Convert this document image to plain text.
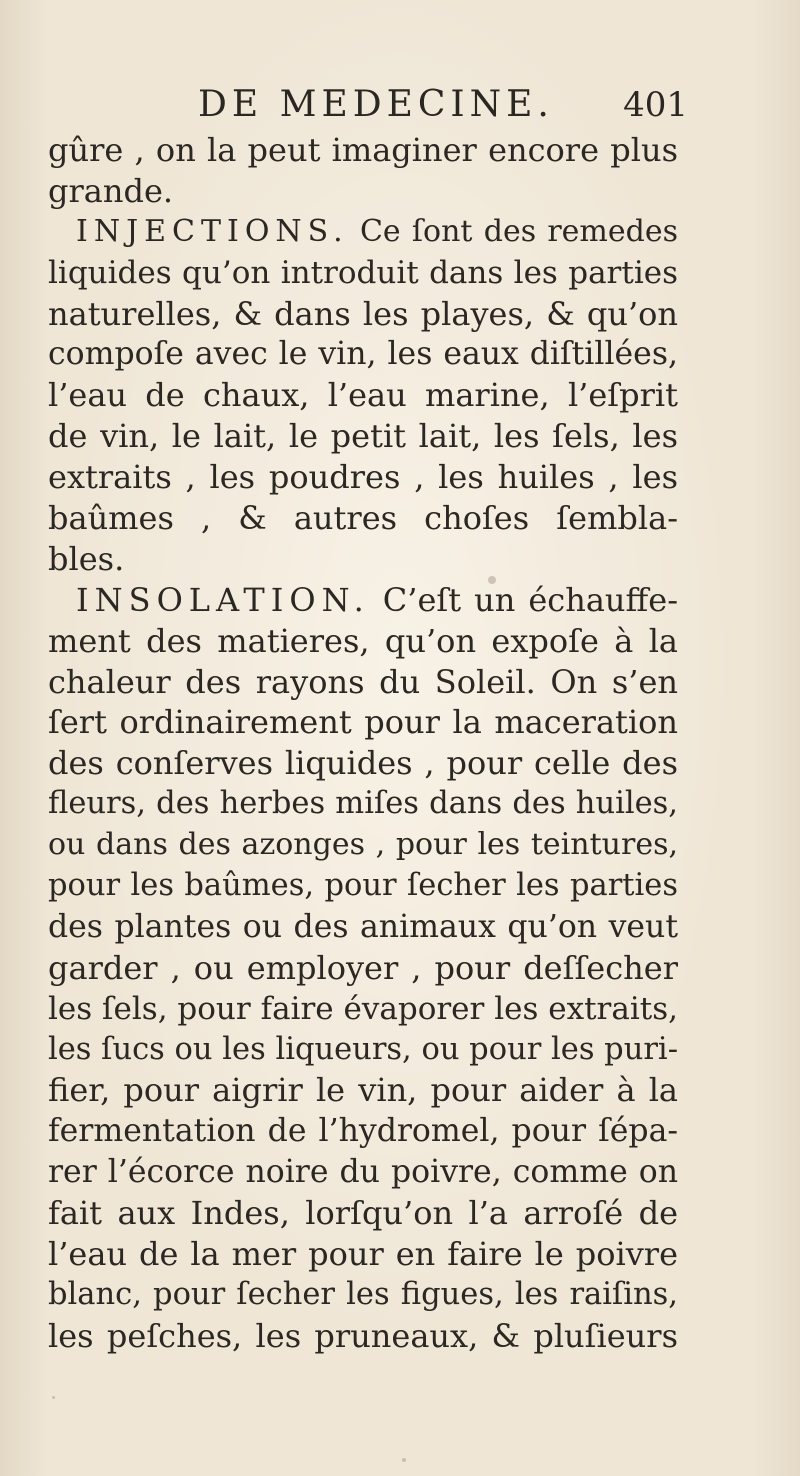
DE MEDECINE. 401
gûre , on la peut imaginer encore plus
grande.
INJECTIONS. Ce ſont des remedes
liquides qu’on introduit dans les parties
naturelles, & dans les playes, & qu’on
compoſe avec le vin, les eaux diſtillées,
l’eau de chaux, l’eau marine, l’eſprit
de vin, le lait, le petit lait, les ſels, les
extraits , les poudres , les huiles , les
baûmes , & autres choſes ſembla-
bles.
INSOLATION. C’eſt un échauffe-
ment des matieres, qu’on expoſe à la
chaleur des rayons du Soleil. On s’en
ſert ordinairement pour la maceration
des conſerves liquides , pour celle des
fleurs, des herbes miſes dans des huiles,
ou dans des azonges , pour les teintures,
pour les baûmes, pour ſecher les parties
des plantes ou des animaux qu’on veut
garder , ou employer , pour deſſecher
les ſels, pour faire évaporer les extraits,
les ſucs ou les liqueurs, ou pour les puri-
fier, pour aigrir le vin, pour aider à la
fermentation de l’hydromel, pour ſépa-
rer l’écorce noire du poivre, comme on
fait aux Indes, lorſqu’on l’a arroſé de
l’eau de la mer pour en faire le poivre
blanc, pour ſecher les figues, les raiſins,
les peſches, les pruneaux, & pluſieurs
